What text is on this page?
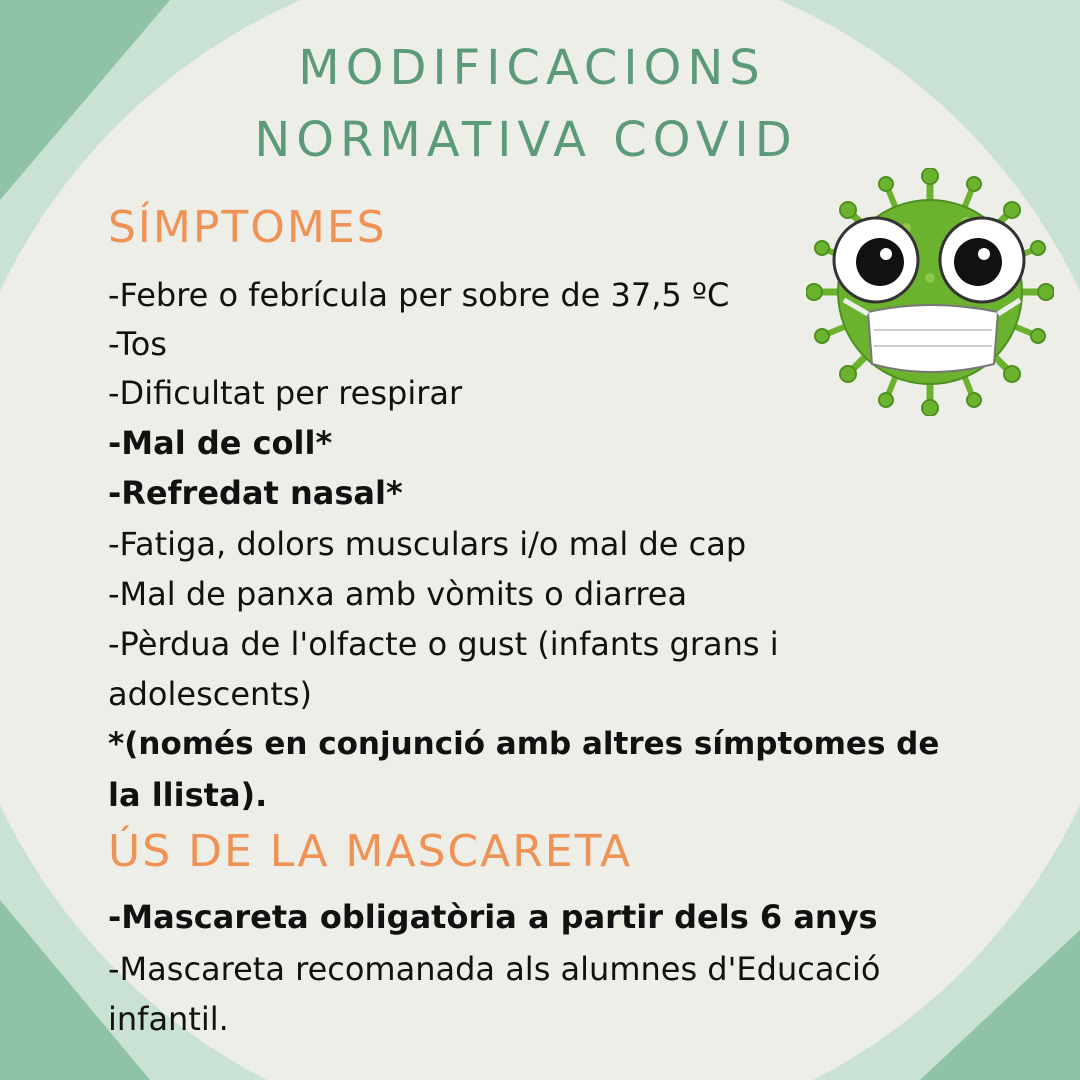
MODIFICACIONS
NORMATIVA COVID
SÍMPTOMES

-Febre o febrícula per sobre de 37,5 ºC

-Tos

-Dificultat per respirar

-Mal de coll*

-Refredat nasal*

-Fatiga, dolors musculars i/o mal de cap

-Mal de panxa amb vòmits o diarrea

-Pèrdua de l'olfacte o gust (infants grans i

adolescents)

*(només en conjunció amb altres símptomes de

la llista).

ÚS DE LA MASCARETA

-Mascareta obligatòria a partir dels 6 anys

-Mascareta recomanada als alumnes d'Educació

infantil.
